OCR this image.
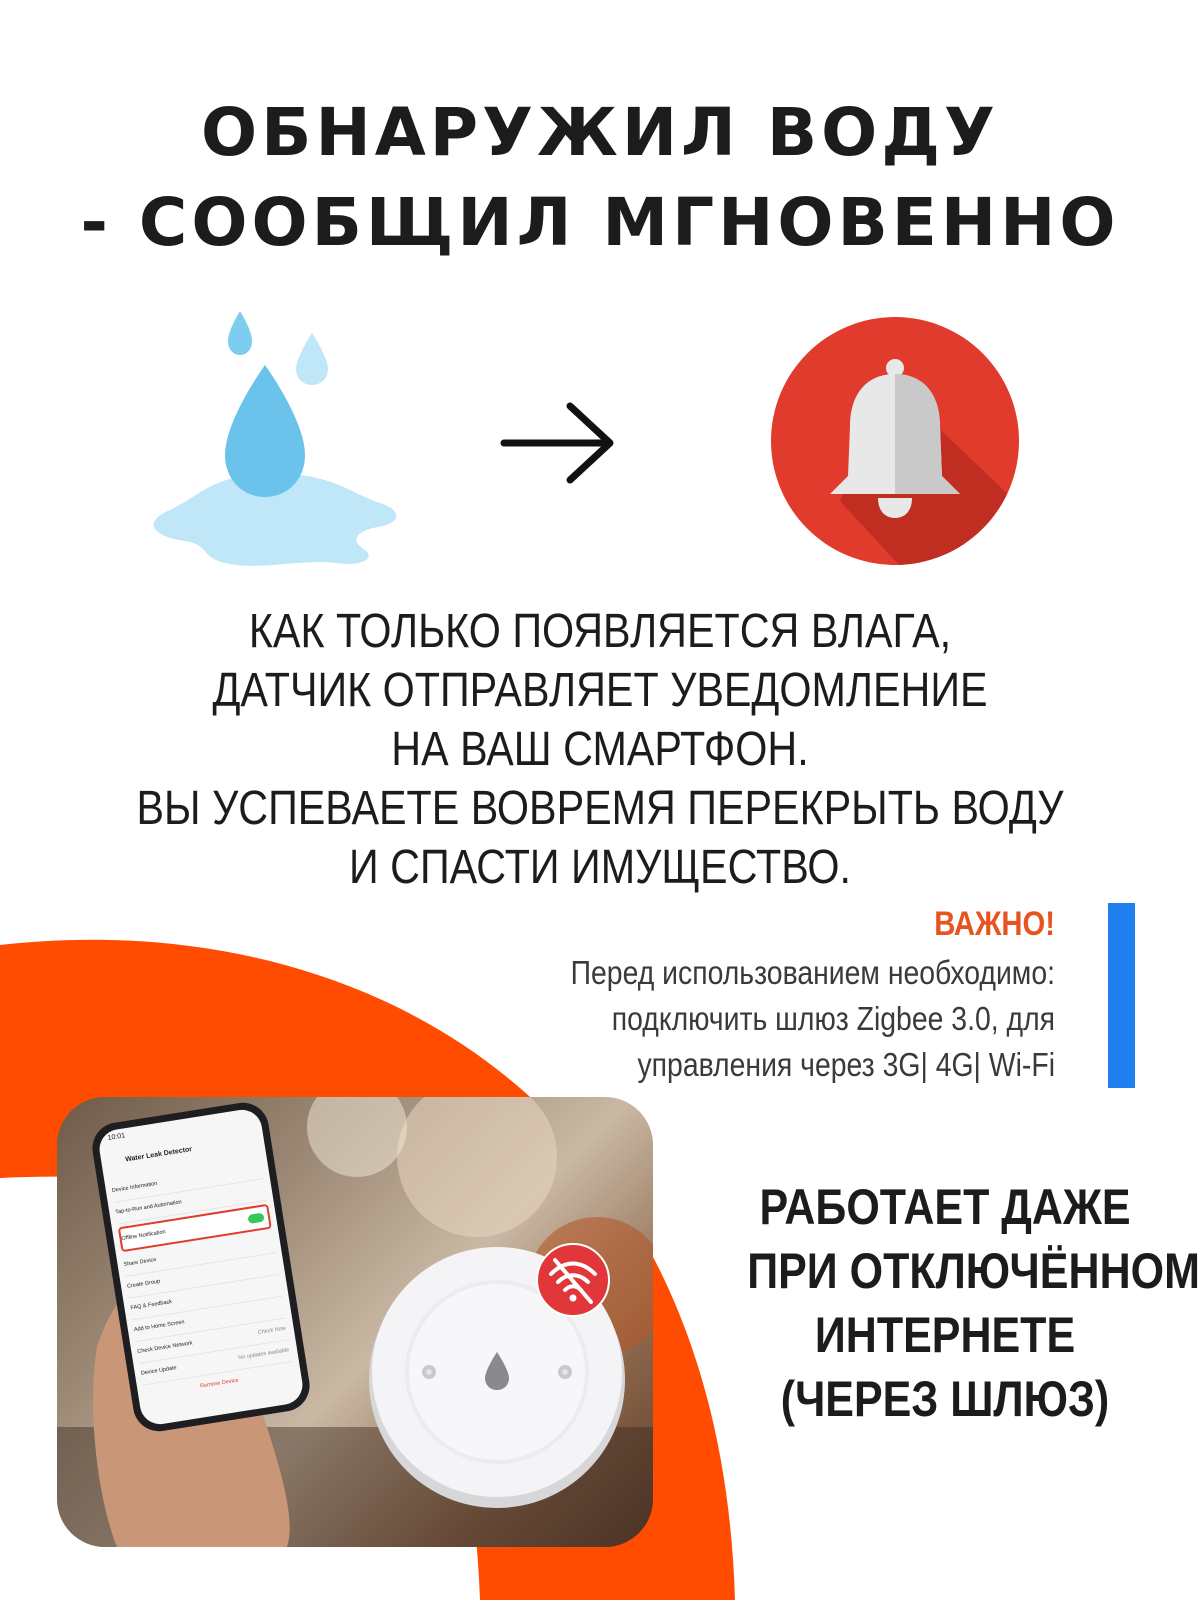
ОБНАРУЖИЛ ВОДУ
- СООБЩИЛ МГНОВЕННО
КАК ТОЛЬКО ПОЯВЛЯЕТСЯ ВЛАГА,
ДАТЧИК ОТПРАВЛЯЕТ УВЕДОМЛЕНИЕ
НА ВАШ СМАРТФОН.
ВЫ УСПЕВАЕТЕ ВОВРЕМЯ ПЕРЕКРЫТЬ ВОДУ
И СПАСТИ ИМУЩЕСТВО.
ВАЖНО!
Перед использованием необходимо:
подключить шлюз Zigbee 3.0, для
управления через 3G| 4G| Wi-Fi
10:01
Water Leak Detector
Device Information
Tap-to-Run and Automation
Offline Notification
Share Device
Create Group
FAQ & Feedback
Add to Home Screen
Check Device Network
Check Now
Device Update
No updates available
Remove Device
РАБОТАЕТ ДАЖЕ
ПРИ ОТКЛЮЧЁННОМ
ИНТЕРНЕТЕ
(ЧЕРЕЗ ШЛЮЗ)
